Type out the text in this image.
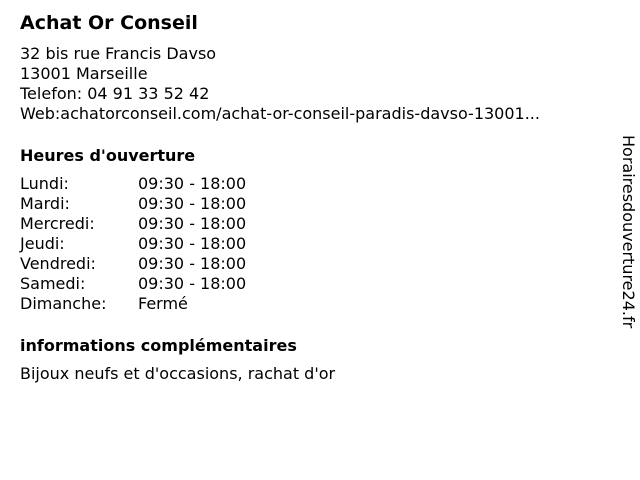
Achat Or Conseil
32 bis rue Francis Davso
13001 Marseille
Telefon: 04 91 33 52 42
Web: achatorconseil.com/achat-or-conseil-paradis-davso-13001...
Heures d'ouverture
Lundi:	09:30 - 18:00
Mardi:	09:30 - 18:00
Mercredi:	09:30 - 18:00
Jeudi:	09:30 - 18:00
Vendredi:	09:30 - 18:00
Samedi:	09:30 - 18:00
Dimanche:	Fermé
informations complémentaires
Bijoux neufs et d'occasions, rachat d'or
Horairesdouverture24.fr
